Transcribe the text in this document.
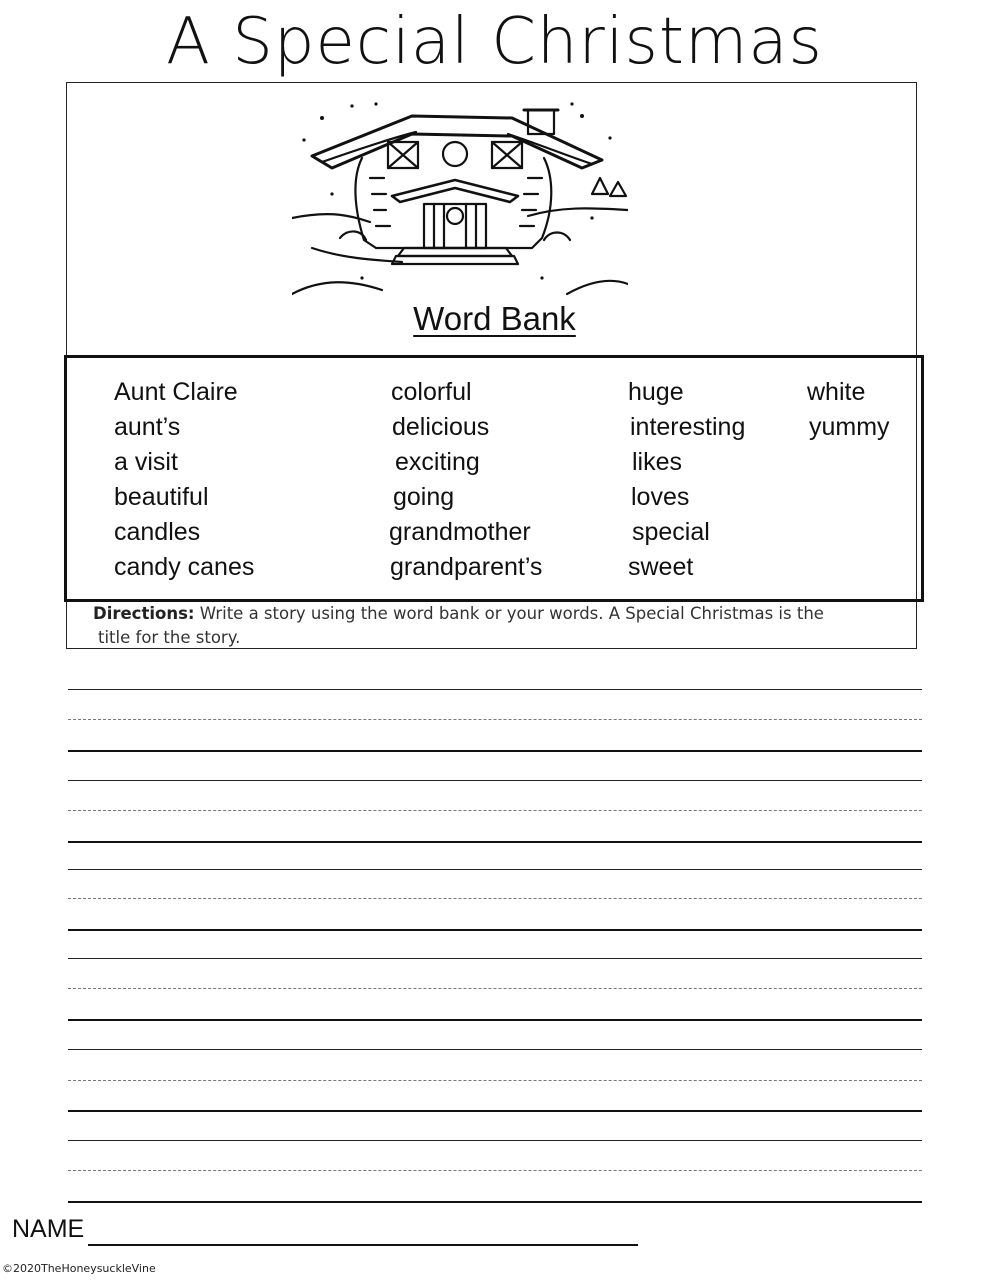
A Special Christmas
Word Bank
Aunt Claire
aunt’s
a visit
beautiful
candles
candy canes
colorful
delicious
exciting
going
grandmother
grandparent’s
huge
interesting
likes
loves
special
sweet
white
yummy

Directions: Write a story using the word bank or your words. A Special Christmas is the
title for the story.

NAME
©2020TheHoneysuckleVine
